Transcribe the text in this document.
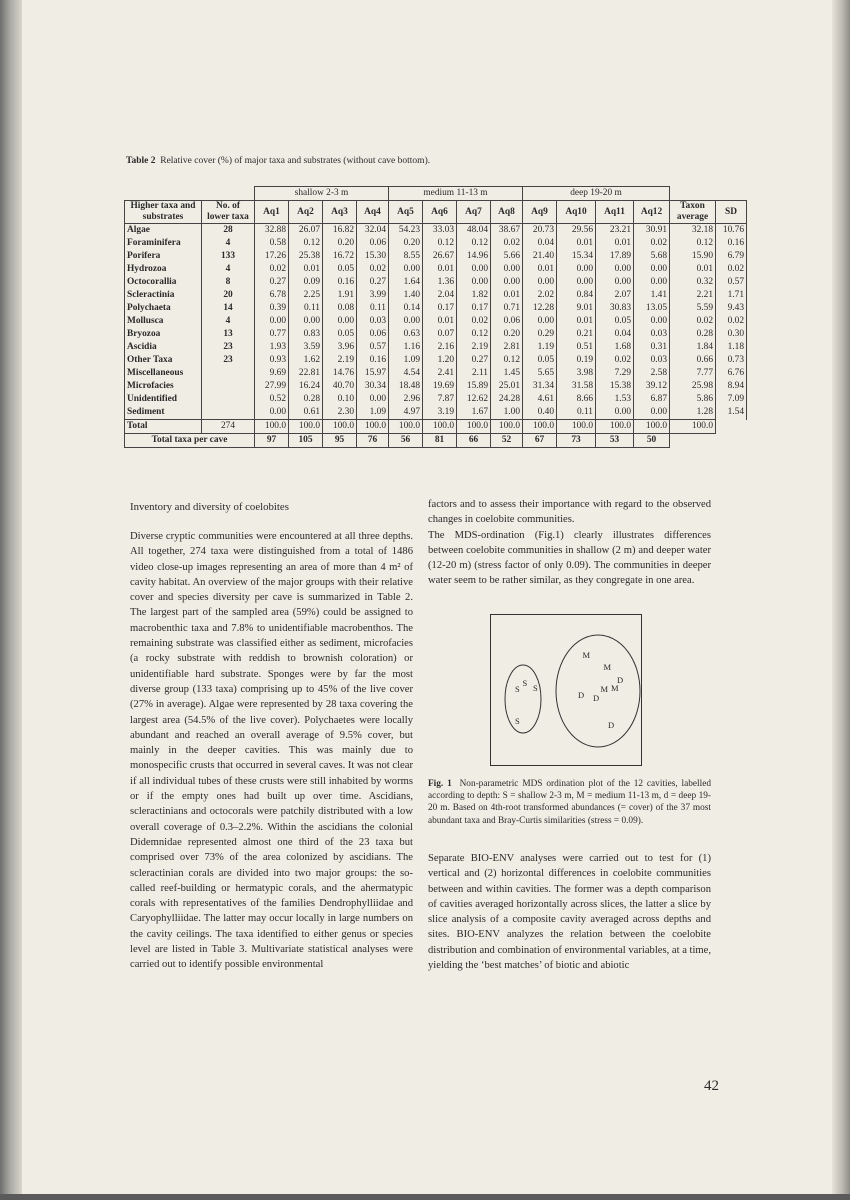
Table 2 Relative cover (%) of major taxa and substrates (without cave bottom).
		shallow 2-3 m				medium 11-13 m				deep 19-20 m					
Higher taxa and substrates	No. of lower taxa	Aq1	Aq2	Aq3	Aq4	Aq5	Aq6	Aq7	Aq8	Aq9	Aq10	Aq11	Aq12	Taxon average	SD
Algae	28	32.88	26.07	16.82	32.04	54.23	33.03	48.04	38.67	20.73	29.56	23.21	30.91	32.18	10.76
Foraminifera	4	0.58	0.12	0.20	0.06	0.20	0.12	0.12	0.02	0.04	0.01	0.01	0.02	0.12	0.16
Porifera	133	17.26	25.38	16.72	15.30	8.55	26.67	14.96	5.66	21.40	15.34	17.89	5.68	15.90	6.79
Hydrozoa	4	0.02	0.01	0.05	0.02	0.00	0.01	0.00	0.00	0.01	0.00	0.00	0.00	0.01	0.02
Octocorallia	8	0.27	0.09	0.16	0.27	1.64	1.36	0.00	0.00	0.00	0.00	0.00	0.00	0.32	0.57
Scleractinia	20	6.78	2.25	1.91	3.99	1.40	2.04	1.82	0.01	2.02	0.84	2.07	1.41	2.21	1.71
Polychaeta	14	0.39	0.11	0.08	0.11	0.14	0.17	0.17	0.71	12.28	9.01	30.83	13.05	5.59	9.43
Mollusca	4	0.00	0.00	0.00	0.03	0.00	0.01	0.02	0.06	0.00	0.01	0.05	0.00	0.02	0.02
Bryozoa	13	0.77	0.83	0.05	0.06	0.63	0.07	0.12	0.20	0.29	0.21	0.04	0.03	0.28	0.30
Ascidia	23	1.93	3.59	3.96	0.57	1.16	2.16	2.19	2.81	1.19	0.51	1.68	0.31	1.84	1.18
Other Taxa	23	0.93	1.62	2.19	0.16	1.09	1.20	0.27	0.12	0.05	0.19	0.02	0.03	0.66	0.73
Miscellaneous		9.69	22.81	14.76	15.97	4.54	2.41	2.11	1.45	5.65	3.98	7.29	2.58	7.77	6.76
Microfacies		27.99	16.24	40.70	30.34	18.48	19.69	15.89	25.01	31.34	31.58	15.38	39.12	25.98	8.94
Unidentified		0.52	0.28	0.10	0.00	2.96	7.87	12.62	24.28	4.61	8.66	1.53	6.87	5.86	7.09
Sediment		0.00	0.61	2.30	1.09	4.97	3.19	1.67	1.00	0.40	0.11	0.00	0.00	1.28	1.54
Total	274	100.0	100.0	100.0	100.0	100.0	100.0	100.0	100.0	100.0	100.0	100.0	100.0	100.0	
Total taxa per cave		97	105	95	76	56	81	66	52	67	73	53	50		
Inventory and diversity of coelobites

Diverse cryptic communities were encountered at all three depths. All together, 274 taxa were distinguished from a total of 1486 video close-up images representing an area of more than 4 m² of cavity habitat. An overview of the major groups with their relative cover and species diversity per cave is summarized in Table 2. The largest part of the sampled area (59%) could be assigned to macrobenthic taxa and 7.8% to unidentifiable macrobenthos. The remaining substrate was classified either as sediment, microfacies (a rocky substrate with reddish to brownish coloration) or unidentifiable hard substrate. Sponges were by far the most diverse group (133 taxa) comprising up to 45% of the live cover (27% in average). Algae were represented by 28 taxa covering the largest area (54.5% of the live cover). Polychaetes were locally abundant and reached an overall average of 9.5% cover, but mainly in the deeper cavities. This was mainly due to monospecific crusts that occurred in several caves. It was not clear if all individual tubes of these crusts were still inhabited by worms or if the empty ones had built up over time. Ascidians, scleractinians and octocorals were patchily distributed with a low overall coverage of 0.3–2.2%. Within the ascidians the colonial Didemnidae represented almost one third of the 23 taxa but comprised over 73% of the area colonized by ascidians. The scleractinian corals are divided into two major groups: the so-called reef-building or hermatypic corals, and the ahermatypic corals with representatives of the families Dendrophylliidae and Caryophylliidae. The latter may occur locally in large numbers on the cavity ceilings. The taxa identified to either genus or species level are listed in Table 3. Multivariate statistical analyses were carried out to identify possible environmental

factors and to assess their importance with regard to the observed changes in coelobite communities.

The MDS-ordination (Fig.1) clearly illustrates differences between coelobite communities in shallow (2 m) and deeper water (12-20 m) (stress factor of only 0.09). The communities in deeper water seem to be rather similar, as they congregate in one area.

S
S S
S
M
M
D
M M
D D
D
Fig. 1 Non-parametric MDS ordination plot of the 12 cavities, labelled according to depth: S = shallow 2-3 m, M = medium 11-13 m, d = deep 19-20 m. Based on 4th-root transformed abundances (= cover) of the 37 most abundant taxa and Bray-Curtis similarities (stress = 0.09).

Separate BIO-ENV analyses were carried out to test for (1) vertical and (2) horizontal differences in coelobite communities between and within cavities. The former was a depth comparison of cavities averaged horizontally across slices, the latter a slice by slice analysis of a composite cavity averaged across depths and sites. BIO-ENV analyzes the relation between the coelobite distribution and combination of environmental variables, at a time, yielding the ‘best matches’ of biotic and abiotic

42
